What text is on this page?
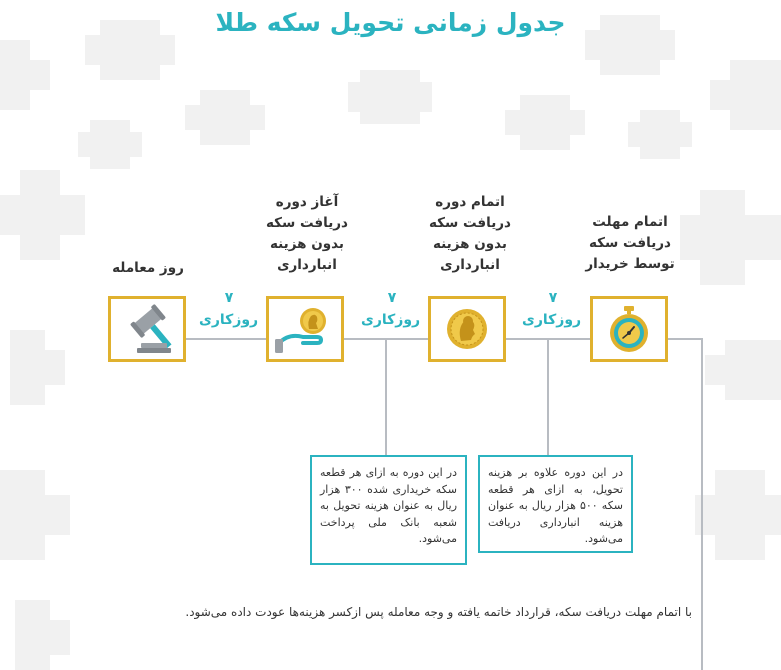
جدول زمانی تحویل سکه طلا
روز معامله
آغاز دوره
دریافت سکه
بدون هزینه
انبارداری
اتمام دوره
دریافت سکه
بدون هزینه
انبارداری
اتمام مهلت
دریافت سکه
توسط خریدار
۷
روزکاری
۷
روزکاری
۷
روزکاری
در این دوره به ازای هر قطعه سکه خریداری شده ۳۰۰ هزار ریال به عنوان هزینه تحویل به شعبه بانک ملی پرداخت می‌شود.
در این دوره علاوه بر هزینه تحویل، به ازای هر قطعه سکه ۵۰۰ هزار ریال به عنوان هزینه انبارداری دریافت می‌شود.
با اتمام مهلت دریافت سکه، قرارداد خاتمه یافته و وجه معامله پس ازکسر هزینه‌ها عودت داده می‌شود.
